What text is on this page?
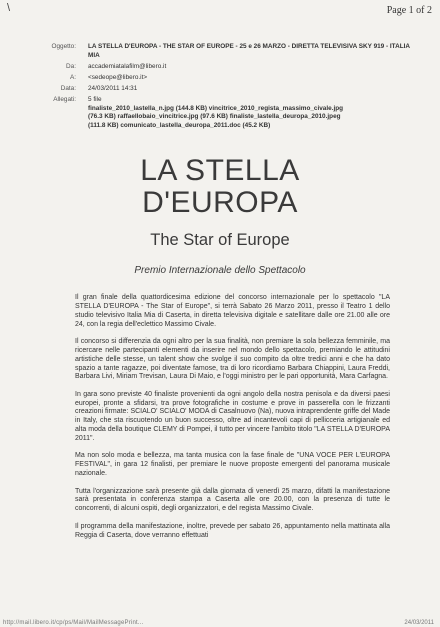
\	Page 1 of 2
Oggetto:	LA STELLA D'EUROPA - THE STAR OF EUROPE - 25 e 26 MARZO - DIRETTA TELEVISIVA SKY 919 - ITALIA MIA
Da:	accademiatalafilm@libero.it
A:	<sedeope@libero.it>
Data:	24/03/2011 14:31
Allegati:	5 file
finaliste_2010_lastella_n.jpg (144.8 KB) vincitrice_2010_regista_massimo_civale.jpg
(76.3 KB) raffaellobaio_vincitrice.jpg (97.6 KB) finaliste_lastella_deuropa_2010.jpeg
(111.8 KB) comunicato_lastella_deuropa_2011.doc (45.2 KB)
LA STELLA
D'EUROPA
The Star of Europe
Premio Internazionale dello Spettacolo

Il gran finale della quattordicesima edizione del concorso internazionale per lo spettacolo "LA STELLA D'EUROPA - The Star of Europe", si terrà Sabato 26 Marzo 2011, presso il Teatro 1 dello studio televisivo Italia Mia di Caserta, in diretta televisiva digitale e satellitare dalle ore 21.00 alle ore 24, con la regia dell'eclettico Massimo Civale.

Il concorso si differenzia da ogni altro per la sua finalità, non premiare la sola bellezza femminile, ma ricercare nelle partecipanti elementi da inserire nel mondo dello spettacolo, premiando le attitudini artistiche delle stesse, un talent show che svolge il suo compito da oltre tredici anni e che ha dato spazio a tante ragazze, poi diventate famose, tra di loro ricordiamo Barbara Chiappini, Laura Freddi, Barbara Livi, Miriam Trevisan, Laura Di Maio, e l'oggi ministro per le pari opportunità, Mara Carfagna.

In gara sono previste 40 finaliste provenienti da ogni angolo della nostra penisola e da diversi paesi europei, pronte a sfidarsi, tra prove fotografiche in costume e prove in passerella con le frizzanti creazioni firmate: SCIALO' SCIALO' MODA di Casalnuovo (Na), nuova intraprendente griffe del Made in Italy, che sta riscuotendo un buon successo, oltre ad incantevoli capi di pellicceria artigianale ed alta moda della boutique CLEMY di Pompei, il tutto per vincere l'ambito titolo "LA STELLA D'EUROPA 2011".

Ma non solo moda e bellezza, ma tanta musica con la fase finale de "UNA VOCE PER L'EUROPA FESTIVAL", in gara 12 finalisti, per premiare le nuove proposte emergenti del panorama musicale nazionale.

Tutta l'organizzazione sarà presente già dalla giornata di venerdì 25 marzo, difatti la manifestazione sarà presentata in conferenza stampa a Caserta alle ore 20.00, con la presenza di tutte le concorrenti, di alcuni ospiti, degli organizzatori, e del regista Massimo Civale.

Il programma della manifestazione, inoltre, prevede per sabato 26, appuntamento nella mattinata alla Reggia di Caserta, dove verranno effettuati

http://mail.libero.it/cp/ps/Mail/MailMessagePrint...	24/03/2011
